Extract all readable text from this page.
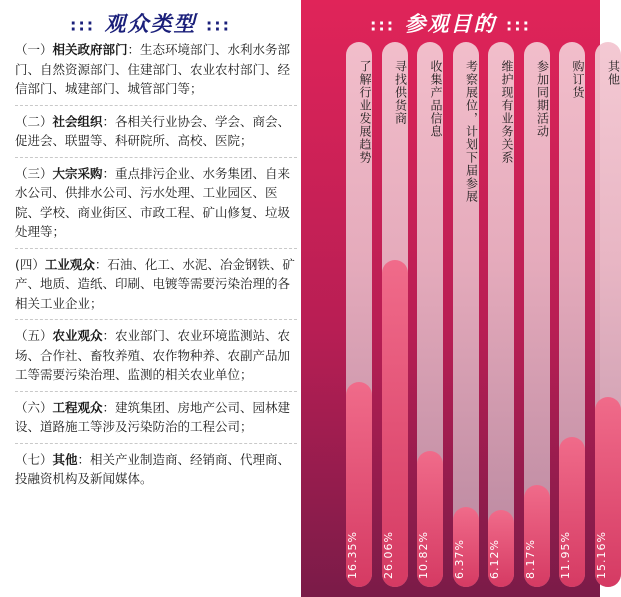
::: 观众类型 :::
（一）相关政府部门：生态环境部门、水利水务部门、自然资源部门、住建部门、农业农村部门、经信部门、城建部门、城管部门等；
（二）社会组织：各相关行业协会、学会、商会、促进会、联盟等、科研院所、高校、医院；
（三）大宗采购：重点排污企业、水务集团、自来水公司、供排水公司、污水处理、工业园区、医院、学校、商业街区、市政工程、矿山修复、垃圾处理等；
(四）工业观众：石油、化工、水泥、冶金钢铁、矿产、地质、造纸、印刷、电镀等需要污染治理的各相关工业企业；
（五）农业观众：农业部门、农业环境监测站、农场、合作社、畜牧养殖、农作物种养、农副产品加工等需要污染治理、监测的相关农业单位；
（六）工程观众：建筑集团、房地产公司、园林建设、道路施工等涉及污染防治的工程公司；
（七）其他：相关产业制造商、经销商、代理商、投融资机构及新闻媒体。
::: 参观目的 :::
了解行业发展趋势
16.35%
寻找供货商
26.06%
收集产品信息
10.82%
考察展位，计划下届参展
6.37%
维护现有业务关系
6.12%
参加同期活动
8.17%
购订货
11.95%
其他
15.16%
